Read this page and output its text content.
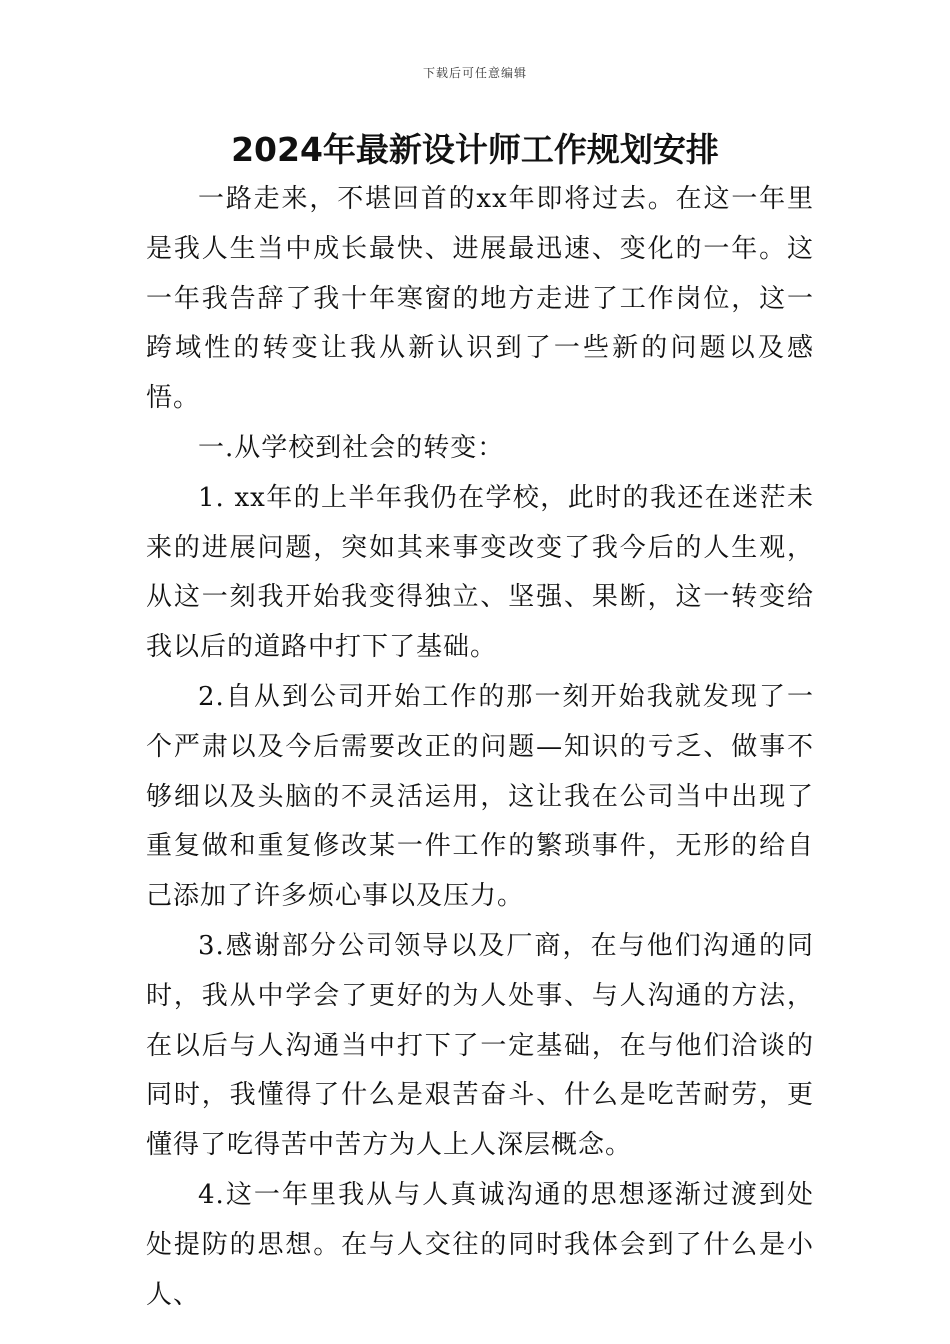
下载后可任意编辑
2024年最新设计师工作规划安排

一路走来，不堪回首的xx年即将过去。在这一年里是我人生当中成长最快、进展最迅速、变化的一年。这一年我告辞了我十年寒窗的地方走进了工作岗位，这一跨域性的转变让我从新认识到了一些新的问题以及感悟。

一.从学校到社会的转变：

1. xx年的上半年我仍在学校，此时的我还在迷茫未来的进展问题，突如其来事变改变了我今后的人生观，从这一刻我开始我变得独立、坚强、果断，这一转变给我以后的道路中打下了基础。

2.自从到公司开始工作的那一刻开始我就发现了一个严肃以及今后需要改正的问题—知识的亏乏、做事不够细以及头脑的不灵活运用，这让我在公司当中出现了重复做和重复修改某一件工作的繁琐事件，无形的给自己添加了许多烦心事以及压力。

3.感谢部分公司领导以及厂商，在与他们沟通的同时，我从中学会了更好的为人处事、与人沟通的方法，在以后与人沟通当中打下了一定基础，在与他们洽谈的同时，我懂得了什么是艰苦奋斗、什么是吃苦耐劳，更懂得了吃得苦中苦方为人上人深层概念。

4.这一年里我从与人真诚沟通的思想逐渐过渡到处处提防的思想。在与人交往的同时我体会到了什么是小人、
